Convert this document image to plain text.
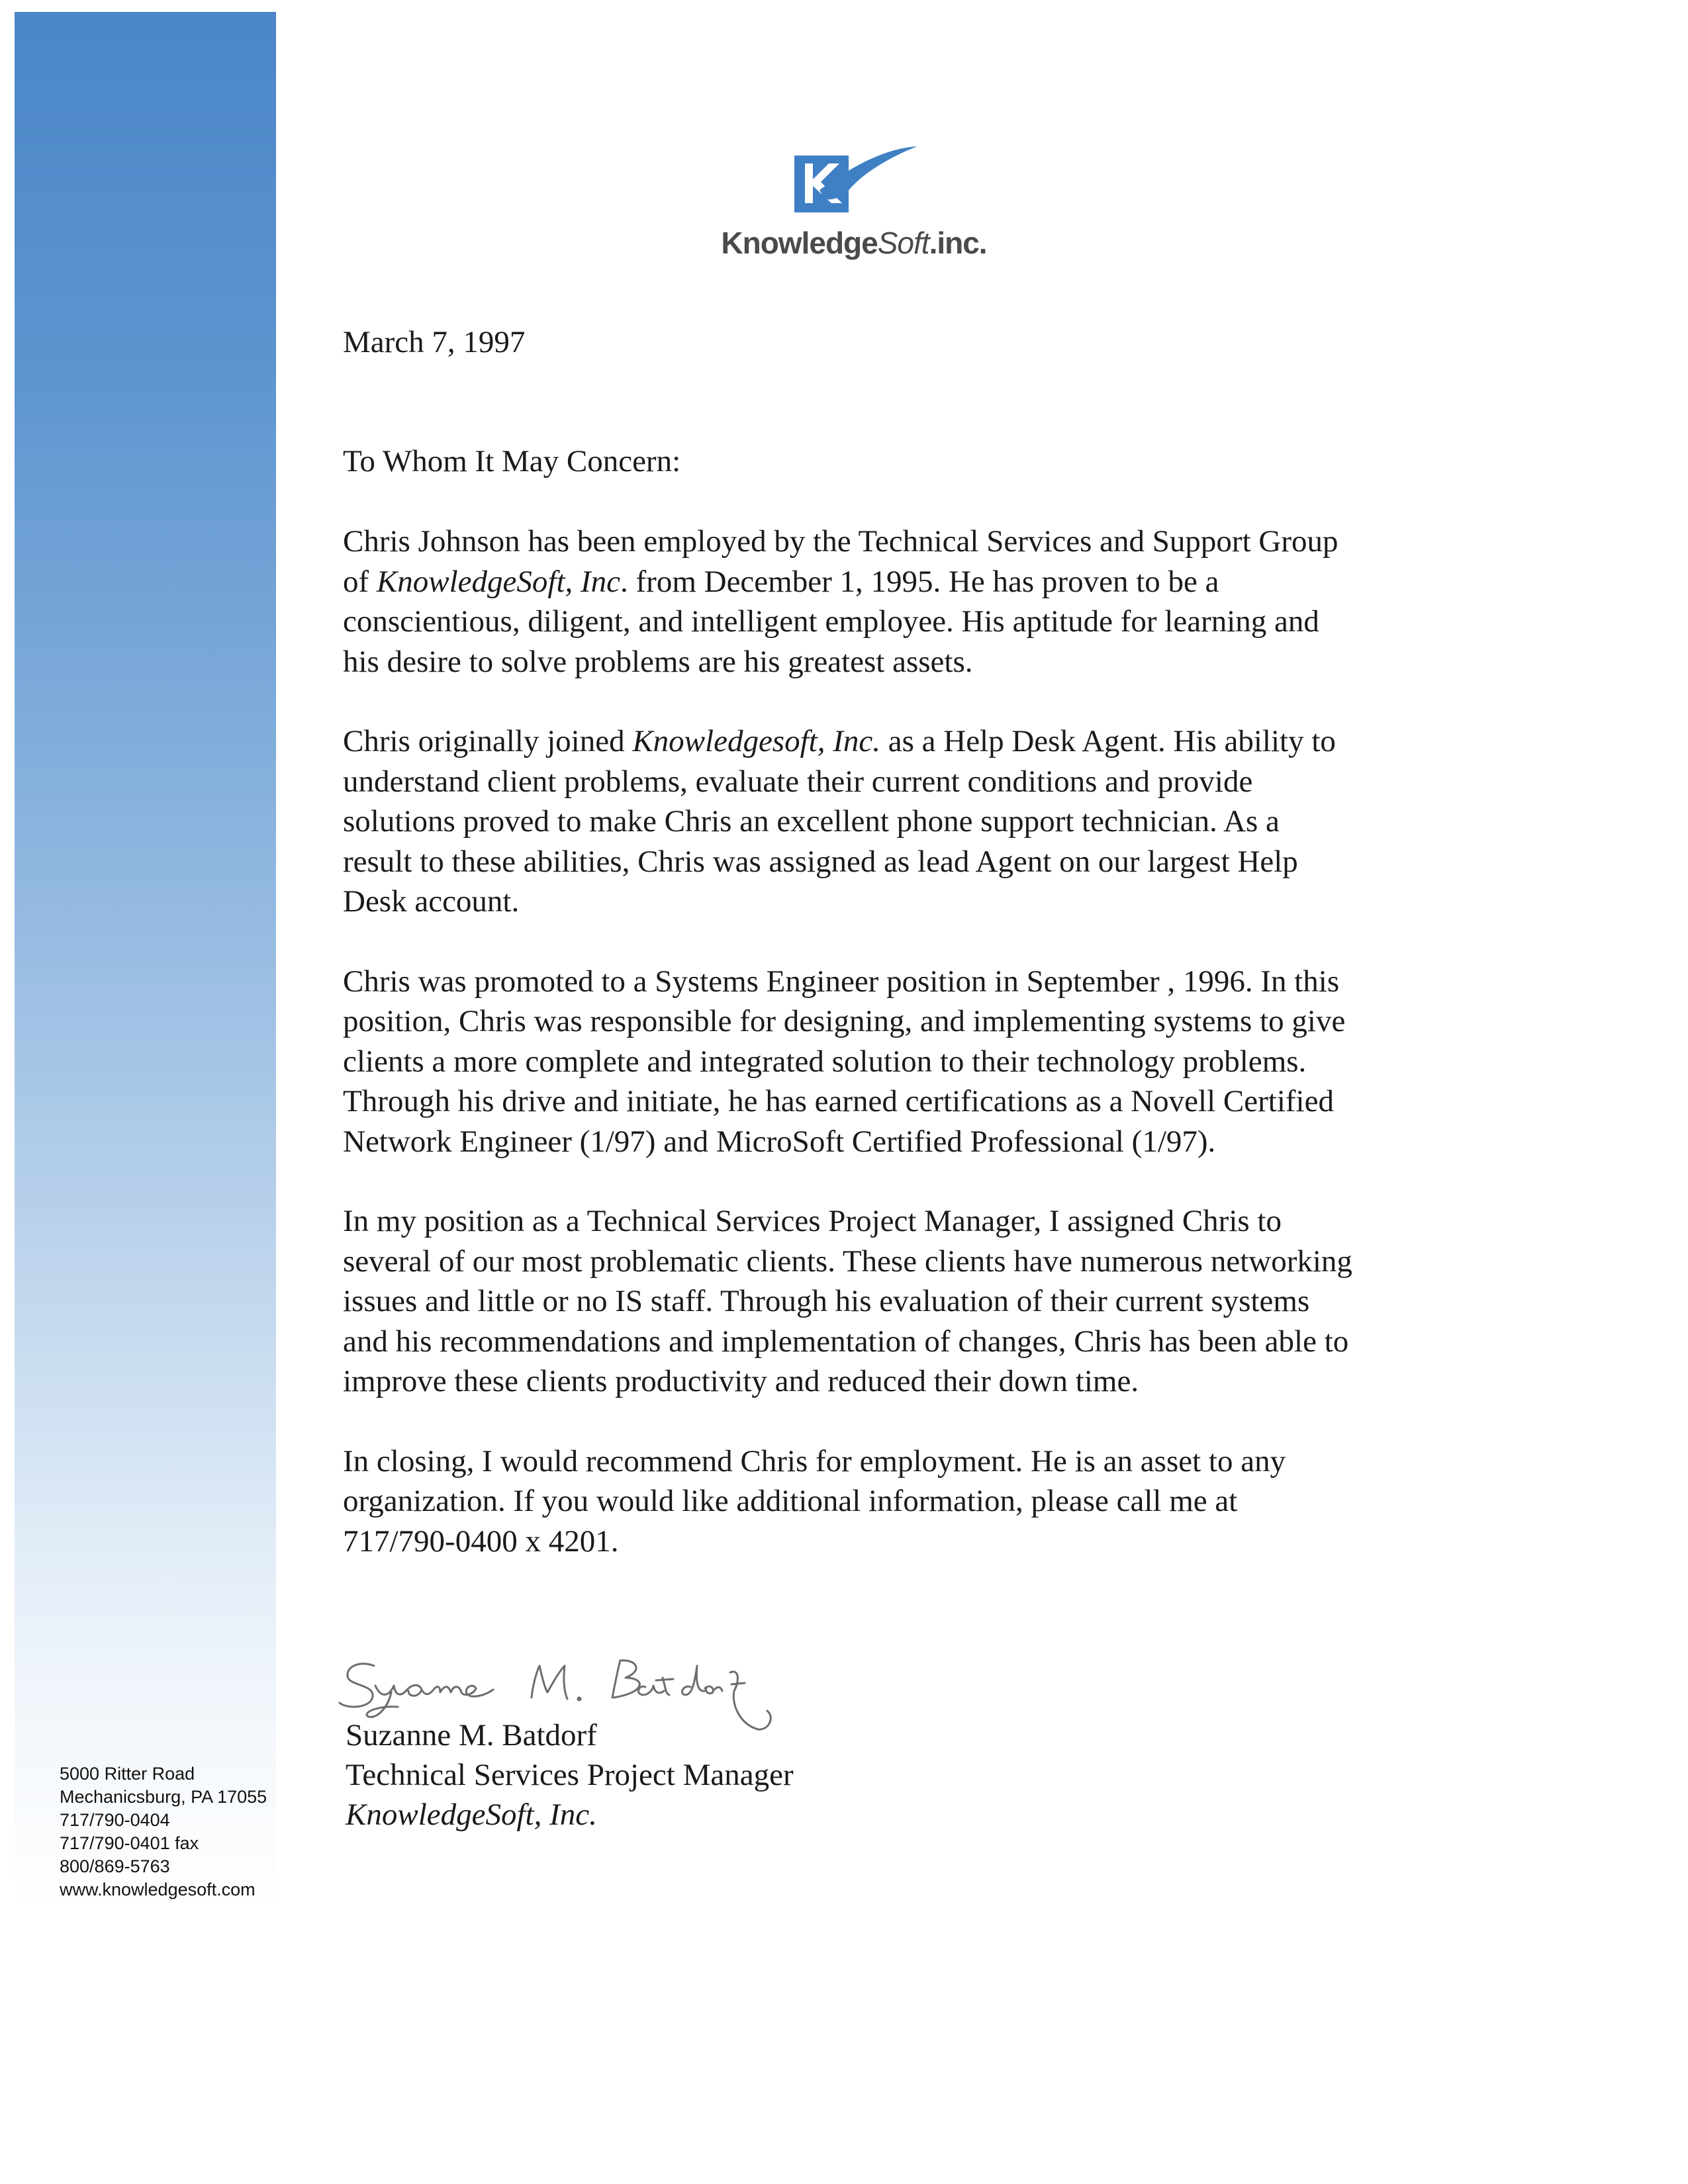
TM
KnowledgeSoft.inc.
March 7, 1997
To Whom It May Concern:
Chris Johnson has been employed by the Technical Services and Support Group
of KnowledgeSoft, Inc. from December 1, 1995. He has proven to be a
conscientious, diligent, and intelligent employee. His aptitude for learning and
his desire to solve problems are his greatest assets.
Chris originally joined Knowledgesoft, Inc. as a Help Desk Agent. His ability to
understand client problems, evaluate their current conditions and provide
solutions proved to make Chris an excellent phone support technician. As a
result to these abilities, Chris was assigned as lead Agent on our largest Help
Desk account.
Chris was promoted to a Systems Engineer position in September , 1996. In this
position, Chris was responsible for designing, and implementing systems to give
clients a more complete and integrated solution to their technology problems.
Through his drive and initiate, he has earned certifications as a Novell Certified
Network Engineer (1/97) and MicroSoft Certified Professional (1/97).
In my position as a Technical Services Project Manager, I assigned Chris to
several of our most problematic clients. These clients have numerous networking
issues and little or no IS staff. Through his evaluation of their current systems
and his recommendations and implementation of changes, Chris has been able to
improve these clients productivity and reduced their down time.
In closing, I would recommend Chris for employment. He is an asset to any
organization. If you would like additional information, please call me at
717/790-0400 x 4201.
Suzanne M. Batdorf
Technical Services Project Manager
KnowledgeSoft, Inc.
5000 Ritter Road
Mechanicsburg, PA 17055
717/790-0404
717/790-0401 fax
800/869-5763
www.knowledgesoft.com
